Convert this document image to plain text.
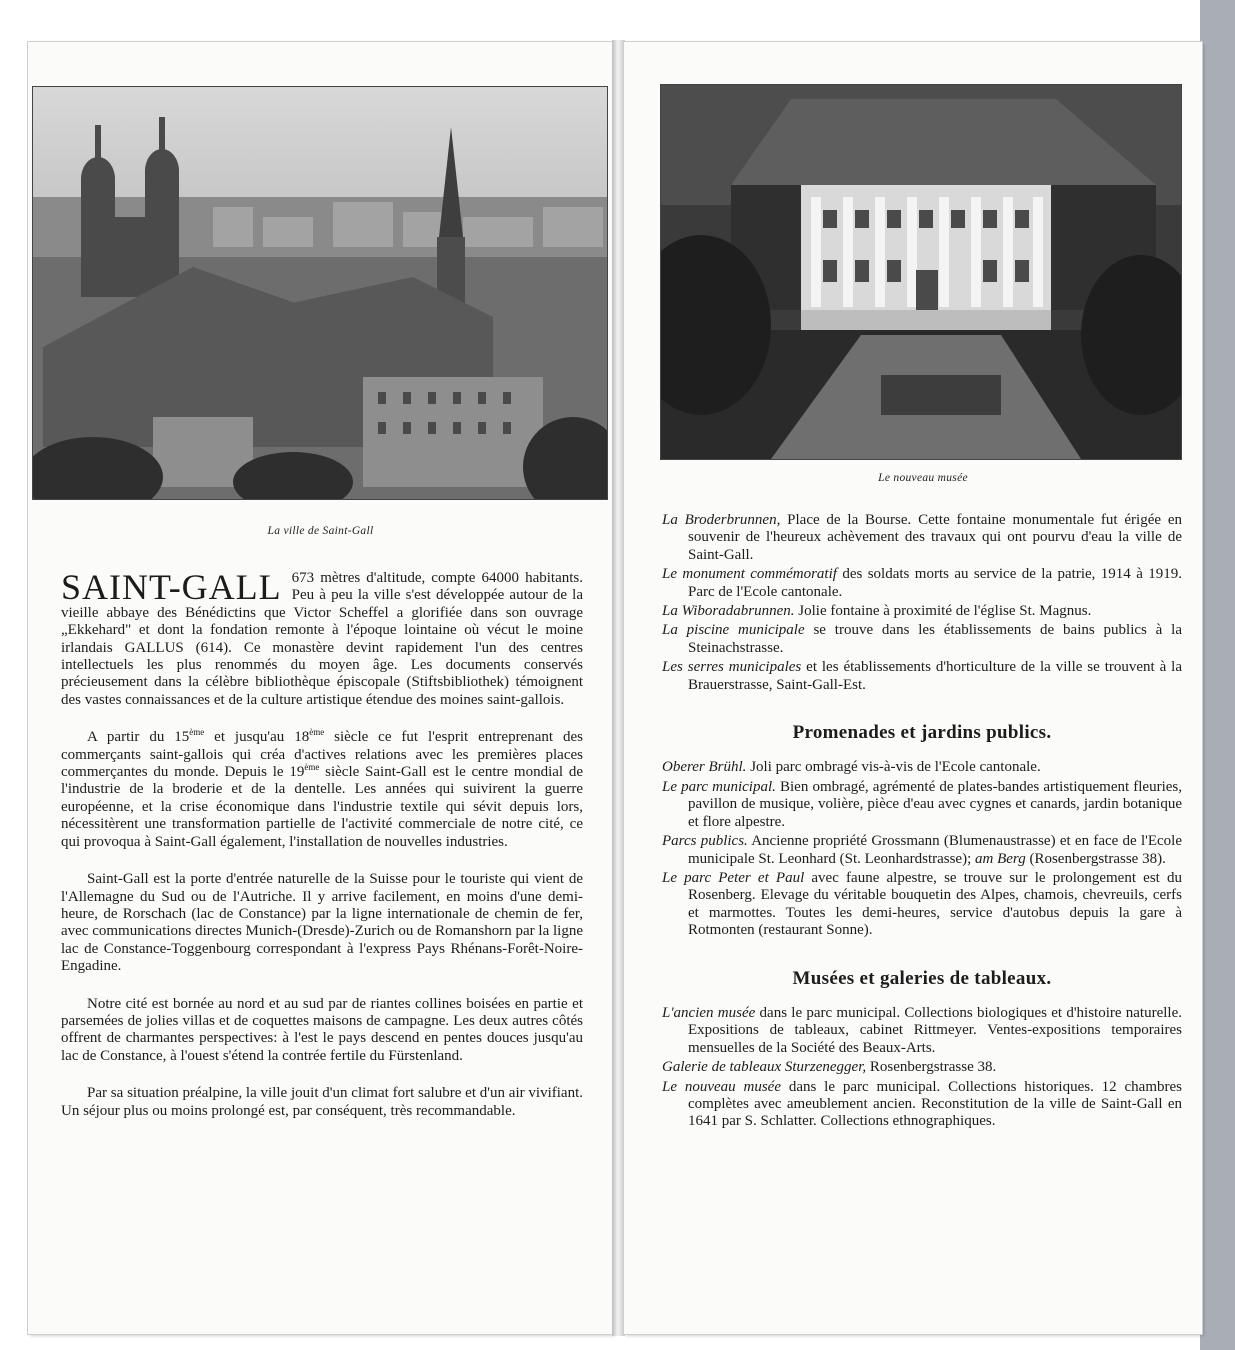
La ville de Saint-Gall

SAINT-GALL 673 mètres d'altitude, compte 64000 habitants. Peu à peu la ville s'est développée autour de la vieille abbaye des Bénédictins que Victor Scheffel a glorifiée dans son ouvrage „Ekkehard" et dont la fondation remonte à l'époque lointaine où vécut le moine irlandais GALLUS (614). Ce monastère devint rapidement l'un des centres intellectuels les plus renommés du moyen âge. Les documents conservés précieusement dans la célèbre bibliothèque épiscopale (Stiftsbibliothek) témoignent des vastes connaissances et de la culture artistique étendue des moines saint-gallois.

A partir du 15ème et jusqu'au 18ème siècle ce fut l'esprit entreprenant des commerçants saint-gallois qui créa d'actives relations avec les premières places commerçantes du monde. Depuis le 19ème siècle Saint-Gall est le centre mondial de l'industrie de la broderie et de la dentelle. Les années qui suivirent la guerre européenne, et la crise économique dans l'industrie textile qui sévit depuis lors, nécessitèrent une transformation partielle de l'activité commerciale de notre cité, ce qui provoqua à Saint-Gall également, l'installation de nouvelles industries.

Saint-Gall est la porte d'entrée naturelle de la Suisse pour le touriste qui vient de l'Allemagne du Sud ou de l'Autriche. Il y arrive facilement, en moins d'une demi-heure, de Rorschach (lac de Constance) par la ligne internationale de chemin de fer, avec communications directes Munich-(Dresde)-Zurich ou de Romanshorn par la ligne lac de Constance-Toggenbourg correspondant à l'express Pays Rhénans-Forêt-Noire-Engadine.

Notre cité est bornée au nord et au sud par de riantes collines boisées en partie et parsemées de jolies villas et de coquettes maisons de campagne. Les deux autres côtés offrent de charmantes perspectives: à l'est le pays descend en pentes douces jusqu'au lac de Constance, à l'ouest s'étend la contrée fertile du Fürstenland.

Par sa situation préalpine, la ville jouit d'un climat fort salubre et d'un air vivifiant. Un séjour plus ou moins prolongé est, par conséquent, très recommandable.

Le nouveau musée
La Broderbrunnen, Place de la Bourse. Cette fontaine monumentale fut érigée en souvenir de l'heureux achèvement des travaux qui ont pourvu d'eau la ville de Saint-Gall.
Le monument commémoratif des soldats morts au service de la patrie, 1914 à 1919. Parc de l'Ecole cantonale.
La Wiboradabrunnen. Jolie fontaine à proximité de l'église St. Magnus.
La piscine municipale se trouve dans les établissements de bains publics à la Steinachstrasse.
Les serres municipales et les établissements d'horticulture de la ville se trouvent à la Brauerstrasse, Saint-Gall-Est.
Promenades et jardins publics.
Oberer Brühl. Joli parc ombragé vis-à-vis de l'Ecole cantonale.
Le parc municipal. Bien ombragé, agrémenté de plates-bandes artistiquement fleuries, pavillon de musique, volière, pièce d'eau avec cygnes et canards, jardin botanique et flore alpestre.
Parcs publics. Ancienne propriété Grossmann (Blumenaustrasse) et en face de l'Ecole municipale St. Leonhard (St. Leonhardstrasse); am Berg (Rosenbergstrasse 38).
Le parc Peter et Paul avec faune alpestre, se trouve sur le prolongement est du Rosenberg. Elevage du véritable bouquetin des Alpes, chamois, chevreuils, cerfs et marmottes. Toutes les demi-heures, service d'autobus depuis la gare à Rotmonten (restaurant Sonne).
Musées et galeries de tableaux.
L'ancien musée dans le parc municipal. Collections biologiques et d'histoire naturelle. Expositions de tableaux, cabinet Rittmeyer. Ventes-expositions temporaires mensuelles de la Société des Beaux-Arts.
Galerie de tableaux Sturzenegger, Rosenbergstrasse 38.
Le nouveau musée dans le parc municipal. Collections historiques. 12 chambres complètes avec ameublement ancien. Reconstitution de la ville de Saint-Gall en 1641 par S. Schlatter. Collections ethnographiques.
